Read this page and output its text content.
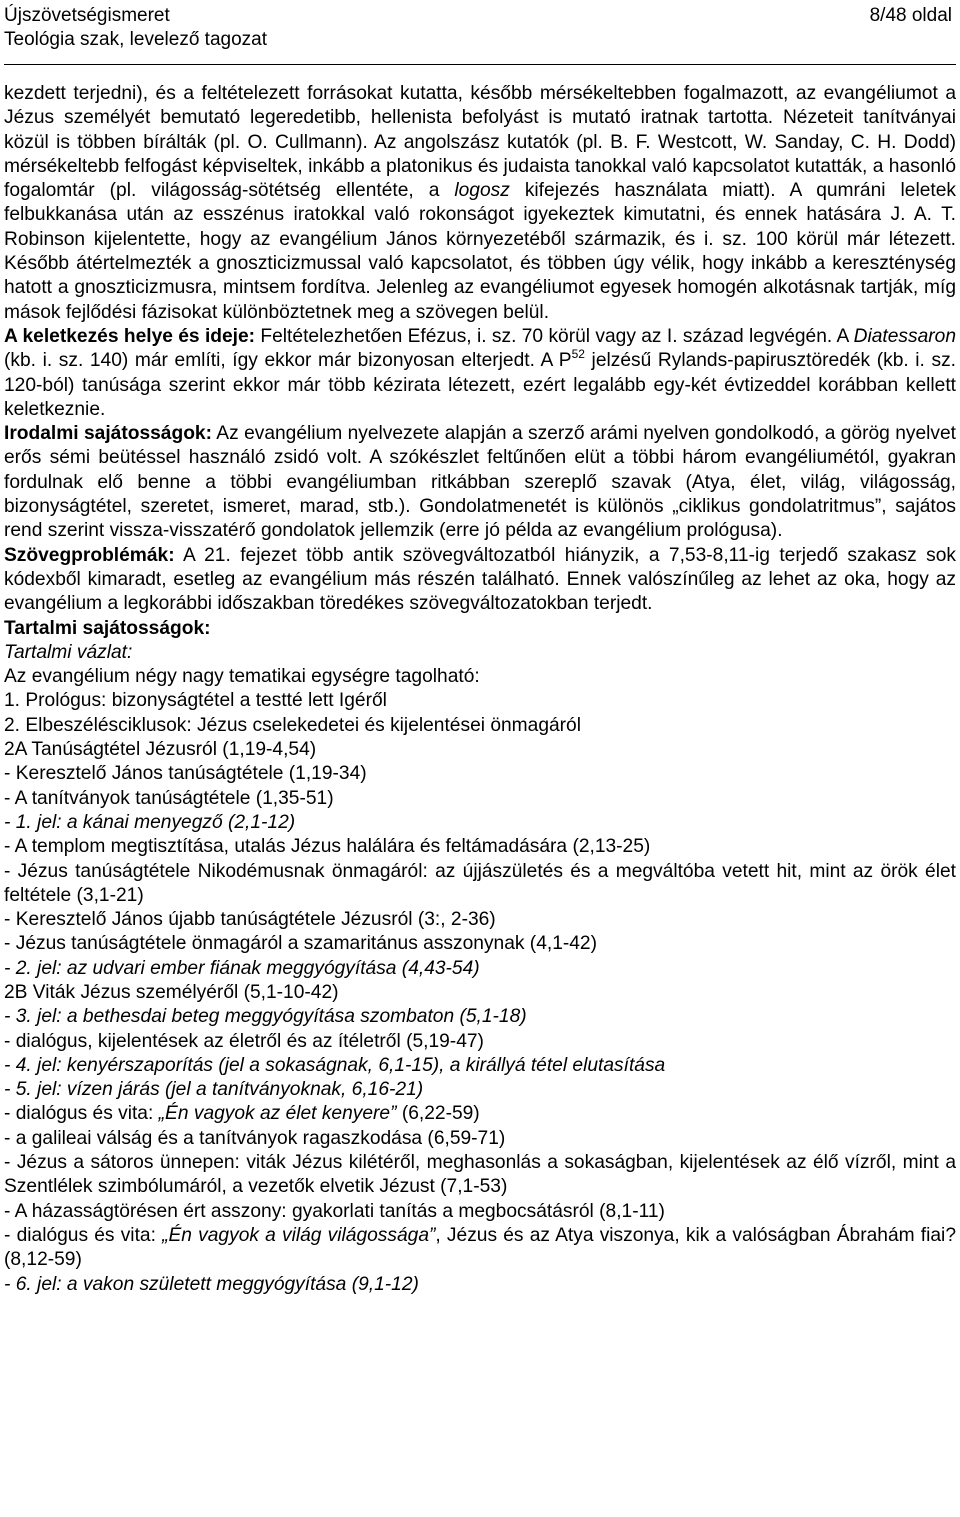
Újszövetségismeret
Teológia szak, levelező tagozat
8/48 oldal

kezdett terjedni), és a feltételezett forrásokat kutatta, később mérsékeltebben fogalmazott, az evangéliumot a Jézus személyét bemutató legeredetibb, hellenista befolyást is mutató iratnak tartotta. Nézeteit tanítványai közül is többen bírálták (pl. O. Cullmann). Az angolszász kutatók (pl. B. F. Westcott, W. Sanday, C. H. Dodd) mérsékeltebb felfogást képviseltek, inkább a platonikus és judaista tanokkal való kapcsolatot kutatták, a hasonló fogalomtár (pl. világosság-sötétség ellentéte, a logosz kifejezés használata miatt). A qumráni leletek felbukkanása után az esszénus iratokkal való rokonságot igyekeztek kimutatni, és ennek hatására J. A. T. Robinson kijelentette, hogy az evangélium János környezetéből származik, és i. sz. 100 körül már létezett. Később átértelmezték a gnoszticizmussal való kapcsolatot, és többen úgy vélik, hogy inkább a kereszténység hatott a gnoszticizmusra, mintsem fordítva. Jelenleg az evangéliumot egyesek homogén alkotásnak tartják, míg mások fejlődési fázisokat különböztetnek meg a szövegen belül.

A keletkezés helye és ideje: Feltételezhetően Efézus, i. sz. 70 körül vagy az I. század legvégén. A Diatessaron (kb. i. sz. 140) már említi, így ekkor már bizonyosan elterjedt. A $P^{52}$ jelzésű Rylands-papirusztöredék (kb. i. sz. 120-ból) tanúsága szerint ekkor már több kézirata létezett, ezért legalább egy-két évtizeddel korábban kellett keletkeznie.

Irodalmi sajátosságok: Az evangélium nyelvezete alapján a szerző arámi nyelven gondolkodó, a görög nyelvet erős sémi beütéssel használó zsidó volt. A szókészlet feltűnően elüt a többi három evangéliumétól, gyakran fordulnak elő benne a többi evangéliumban ritkábban szereplő szavak (Atya, élet, világ, világosság, bizonyságtétel, szeretet, ismeret, marad, stb.). Gondolatmenetét is különös „ciklikus gondolatritmus”, sajátos rend szerint vissza-visszatérő gondolatok jellemzik (erre jó példa az evangélium prológusa).

Szövegproblémák: A 21. fejezet több antik szövegváltozatból hiányzik, a 7,53-8,11-ig terjedő szakasz sok kódexből kimaradt, esetleg az evangélium más részén található. Ennek valószínűleg az lehet az oka, hogy az evangélium a legkorábbi időszakban töredékes szövegváltozatokban terjedt.

Tartalmi sajátosságok:

Tartalmi vázlat:

Az evangélium négy nagy tematikai egységre tagolható:

1. Prológus: bizonyságtétel a testté lett Igéről

2. Elbeszélésciklusok: Jézus cselekedetei és kijelentései önmagáról

2A Tanúságtétel Jézusról (1,19-4,54)

- Keresztelő János tanúságtétele (1,19-34)

- A tanítványok tanúságtétele (1,35-51)

- 1. jel: a kánai menyegző (2,1-12)

- A templom megtisztítása, utalás Jézus halálára és feltámadására (2,13-25)

- Jézus tanúságtétele Nikodémusnak önmagáról: az újjászületés és a megváltóba vetett hit, mint az örök élet feltétele (3,1-21)

- Keresztelő János újabb tanúságtétele Jézusról (3:, 2-36)

- Jézus tanúságtétele önmagáról a szamaritánus asszonynak (4,1-42)

- 2. jel: az udvari ember fiának meggyógyítása (4,43-54)

2B Viták Jézus személyéről (5,1-10-42)

- 3. jel: a bethesdai beteg meggyógyítása szombaton (5,1-18)

- dialógus, kijelentések az életről és az ítéletről (5,19-47)

- 4. jel: kenyérszaporítás (jel a sokaságnak, 6,1-15), a királlyá tétel elutasítása

- 5. jel: vízen járás (jel a tanítványoknak, 6,16-21)

- dialógus és vita: „Én vagyok az élet kenyere” (6,22-59)

- a galileai válság és a tanítványok ragaszkodása (6,59-71)

- Jézus a sátoros ünnepen: viták Jézus kilétéről, meghasonlás a sokaságban, kijelentések az élő vízről, mint a Szentlélek szimbólumáról, a vezetők elvetik Jézust (7,1-53)

- A házasságtörésen ért asszony: gyakorlati tanítás a megbocsátásról (8,1-11)

- dialógus és vita: „Én vagyok a világ világossága”, Jézus és az Atya viszonya, kik a valóságban Ábrahám fiai? (8,12-59)

- 6. jel: a vakon született meggyógyítása (9,1-12)
